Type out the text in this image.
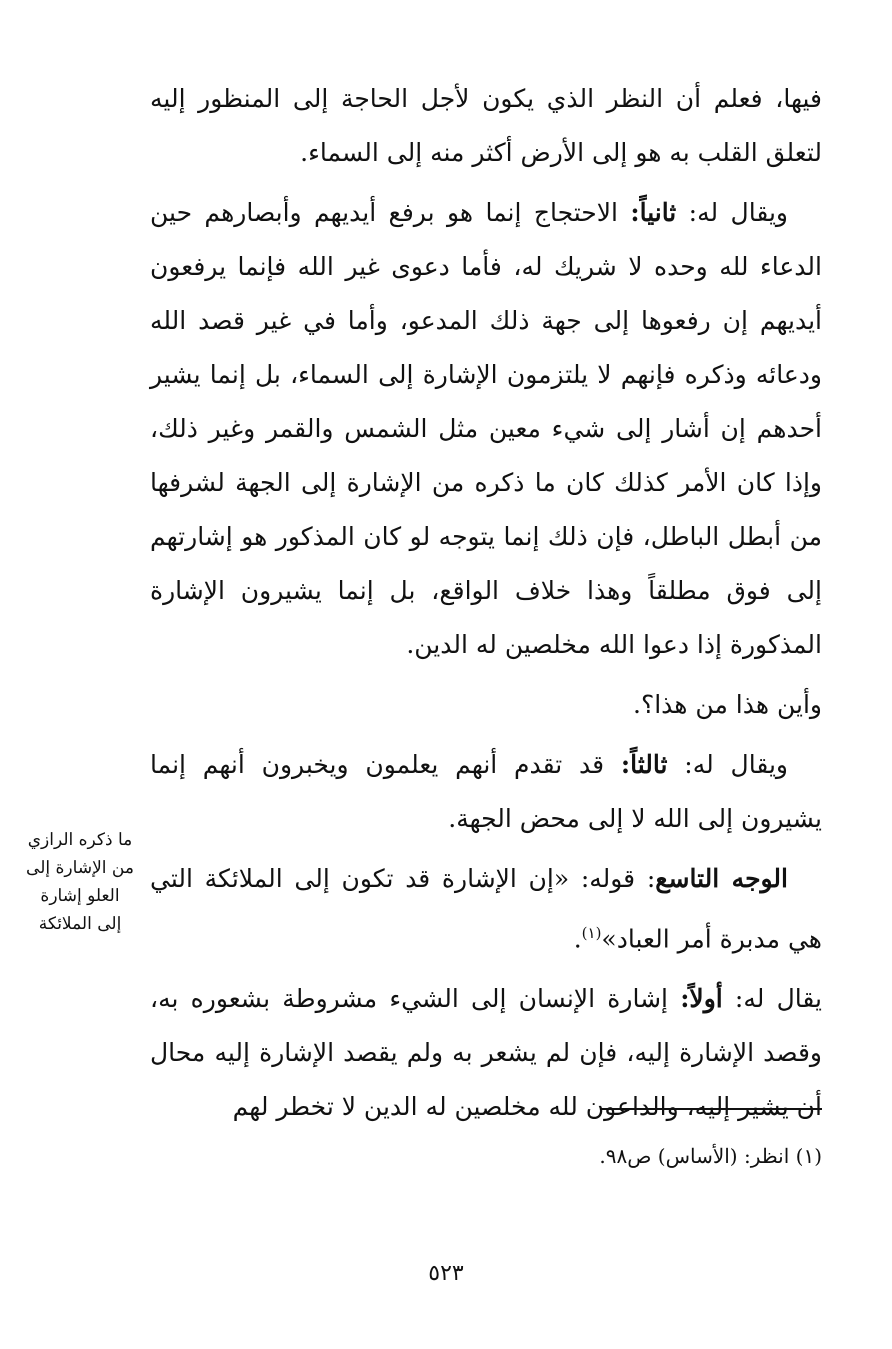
فيها، فعلم أن النظر الذي يكون لأجل الحاجة إلى المنظور إليه لتعلق القلب به هو إلى الأرض أكثر منه إلى السماء.

ويقال له: ثانياً: الاحتجاج إنما هو برفع أيديهم وأبصارهم حين الدعاء لله وحده لا شريك له، فأما دعوى غير الله فإنما يرفعون أيديهم إن رفعوها إلى جهة ذلك المدعو، وأما في غير قصد الله ودعائه وذكره فإنهم لا يلتزمون الإشارة إلى السماء، بل إنما يشير أحدهم إن أشار إلى شيء معين مثل الشمس والقمر وغير ذلك، وإذا كان الأمر كذلك كان ما ذكره من الإشارة إلى الجهة لشرفها من أبطل الباطل، فإن ذلك إنما يتوجه لو كان المذكور هو إشارتهم إلى فوق مطلقاً وهذا خلاف الواقع، بل إنما يشيرون الإشارة المذكورة إذا دعوا الله مخلصين له الدين.

وأين هذا من هذا؟.

ويقال له: ثالثاً: قد تقدم أنهم يعلمون ويخبرون أنهم إنما يشيرون إلى الله لا إلى محض الجهة.

الوجه التاسع: قوله: «إن الإشارة قد تكون إلى الملائكة التي هي مدبرة أمر العباد»$^{(١)}$.

يقال له: أولاً: إشارة الإنسان إلى الشيء مشروطة بشعوره به، وقصد الإشارة إليه، فإن لم يشعر به ولم يقصد الإشارة إليه محال أن يشير إليه، والداعون لله مخلصين له الدين لا تخطر لهم

ما ذكره الرازي من الإشارة إلى العلو إشارة إلى الملائكة
(١) انظر: (الأساس) ص٩٨.
٥٢٣
